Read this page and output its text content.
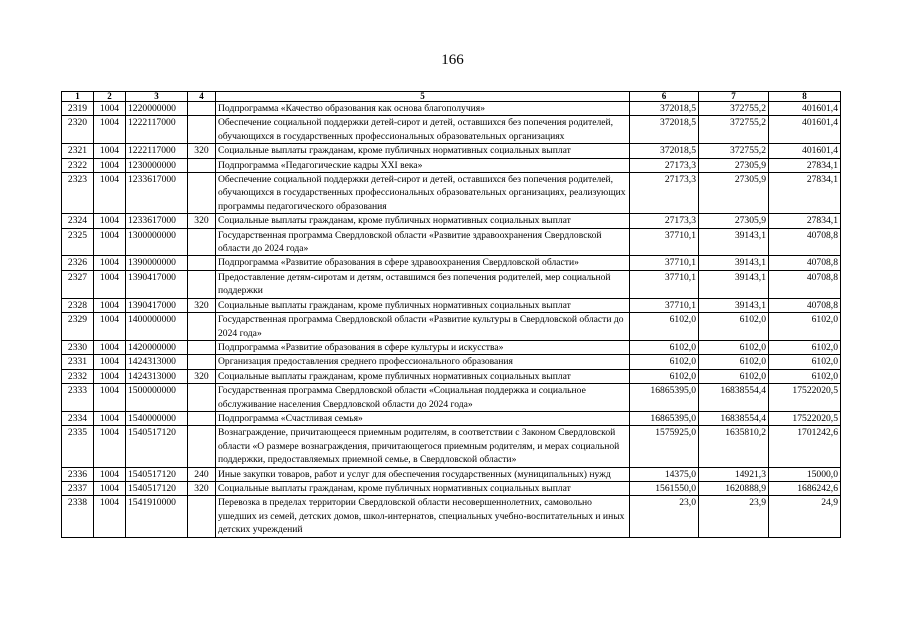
166
1	2	3	4	5	6	7	8
2319	1004	1220000000		Подпрограмма «Качество образования как основа благополучия»	372018,5	372755,2	401601,4
2320	1004	1222117000		Обеспечение социальной поддержки детей-сирот и детей, оставшихся без попечения родителей, обучающихся в государственных профессиональных образовательных организациях	372018,5	372755,2	401601,4
2321	1004	1222117000	320	Социальные выплаты гражданам, кроме публичных нормативных социальных выплат	372018,5	372755,2	401601,4
2322	1004	1230000000		Подпрограмма «Педагогические кадры XXI века»	27173,3	27305,9	27834,1
2323	1004	1233617000		Обеспечение социальной поддержки детей-сирот и детей, оставшихся без попечения родителей, обучающихся в государственных профессиональных образовательных организациях, реализующих программы педагогического образования	27173,3	27305,9	27834,1
2324	1004	1233617000	320	Социальные выплаты гражданам, кроме публичных нормативных социальных выплат	27173,3	27305,9	27834,1
2325	1004	1300000000		Государственная программа Свердловской области «Развитие здравоохранения Свердловской области до 2024 года»	37710,1	39143,1	40708,8
2326	1004	1390000000		Подпрограмма «Развитие образования в сфере здравоохранения Свердловской области»	37710,1	39143,1	40708,8
2327	1004	1390417000		Предоставление детям-сиротам и детям, оставшимся без попечения родителей, мер социальной поддержки	37710,1	39143,1	40708,8
2328	1004	1390417000	320	Социальные выплаты гражданам, кроме публичных нормативных социальных выплат	37710,1	39143,1	40708,8
2329	1004	1400000000		Государственная программа Свердловской области «Развитие культуры в Свердловской области до 2024 года»	6102,0	6102,0	6102,0
2330	1004	1420000000		Подпрограмма «Развитие образования в сфере культуры и искусства»	6102,0	6102,0	6102,0
2331	1004	1424313000		Организация предоставления среднего профессионального образования	6102,0	6102,0	6102,0
2332	1004	1424313000	320	Социальные выплаты гражданам, кроме публичных нормативных социальных выплат	6102,0	6102,0	6102,0
2333	1004	1500000000		Государственная программа Свердловской области «Социальная поддержка и социальное обслуживание населения Свердловской области до 2024 года»	16865395,0	16838554,4	17522020,5
2334	1004	1540000000		Подпрограмма «Счастливая семья»	16865395,0	16838554,4	17522020,5
2335	1004	1540517120		Вознаграждение, причитающееся приемным родителям, в соответствии с Законом Свердловской области «О размере вознаграждения, причитающегося приемным родителям, и мерах социальной поддержки, предоставляемых приемной семье, в Свердловской области»	1575925,0	1635810,2	1701242,6
2336	1004	1540517120	240	Иные закупки товаров, работ и услуг для обеспечения государственных (муниципальных) нужд	14375,0	14921,3	15000,0
2337	1004	1540517120	320	Социальные выплаты гражданам, кроме публичных нормативных социальных выплат	1561550,0	1620888,9	1686242,6
2338	1004	1541910000		Перевозка в пределах территории Свердловской области несовершеннолетних, самовольно ушедших из семей, детских домов, школ-интернатов, специальных учебно-воспитательных и иных детских учреждений	23,0	23,9	24,9
